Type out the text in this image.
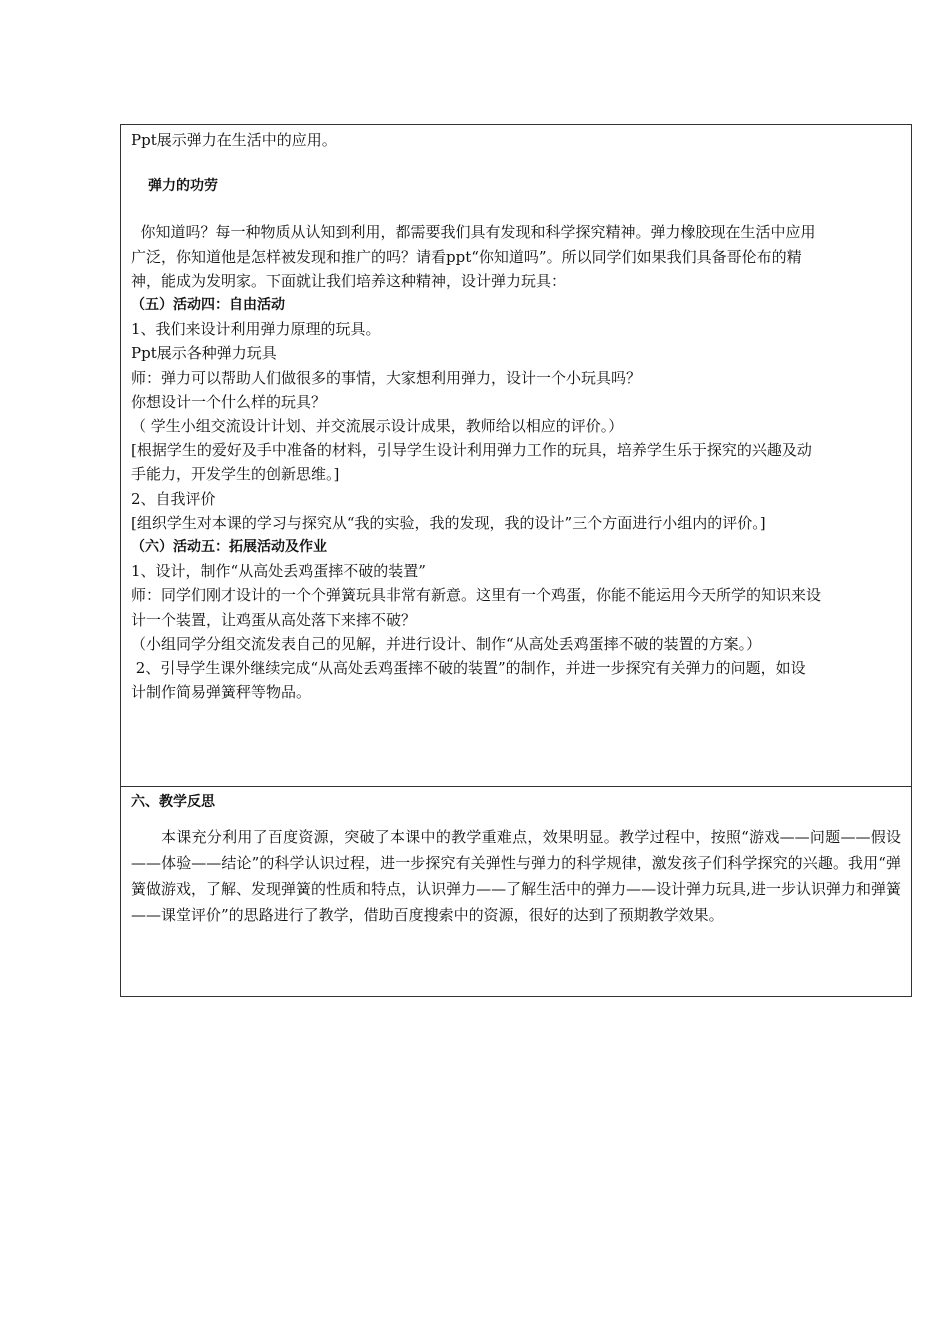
Ppt展示弹力在生活中的应用。
弹力的功劳
你知道吗？每一种物质从认知到利用，都需要我们具有发现和科学探究精神。弹力橡胶现在生活中应用
广泛，你知道他是怎样被发现和推广的吗？请看ppt“你知道吗”。所以同学们如果我们具备哥伦布的精
神，能成为发明家。下面就让我们培养这种精神，设计弹力玩具：
（五）活动四：自由活动
1、我们来设计利用弹力原理的玩具。
Ppt展示各种弹力玩具
师：弹力可以帮助人们做很多的事情，大家想利用弹力，设计一个小玩具吗？
你想设计一个什么样的玩具？
（ 学生小组交流设计计划、并交流展示设计成果，教师给以相应的评价。）
[根据学生的爱好及手中准备的材料，引导学生设计利用弹力工作的玩具，培养学生乐于探究的兴趣及动
手能力，开发学生的创新思维。]
2、自我评价
[组织学生对本课的学习与探究从“我的实验，我的发现，我的设计”三个方面进行小组内的评价。]
（六）活动五：拓展活动及作业
1、设计，制作“从高处丢鸡蛋摔不破的装置”
师：同学们刚才设计的一个个弹簧玩具非常有新意。这里有一个鸡蛋，你能不能运用今天所学的知识来设
计一个装置，让鸡蛋从高处落下来摔不破？
（小组同学分组交流发表自己的见解，并进行设计、制作“从高处丢鸡蛋摔不破的装置的方案。）
2、引导学生课外继续完成“从高处丢鸡蛋摔不破的装置”的制作，并进一步探究有关弹力的问题，如设
计制作简易弹簧秤等物品。
六、教学反思

本课充分利用了百度资源，突破了本课中的教学重难点，效果明显。教学过程中，按照“游戏——问题——假设——体验——结论”的科学认识过程，进一步探究有关弹性与弹力的科学规律，激发孩子们科学探究的兴趣。我用“弹簧做游戏，了解、发现弹簧的性质和特点，认识弹力——了解生活中的弹力——设计弹力玩具,进一步认识弹力和弹簧——课堂评价”的思路进行了教学，借助百度搜索中的资源，很好的达到了预期教学效果。
